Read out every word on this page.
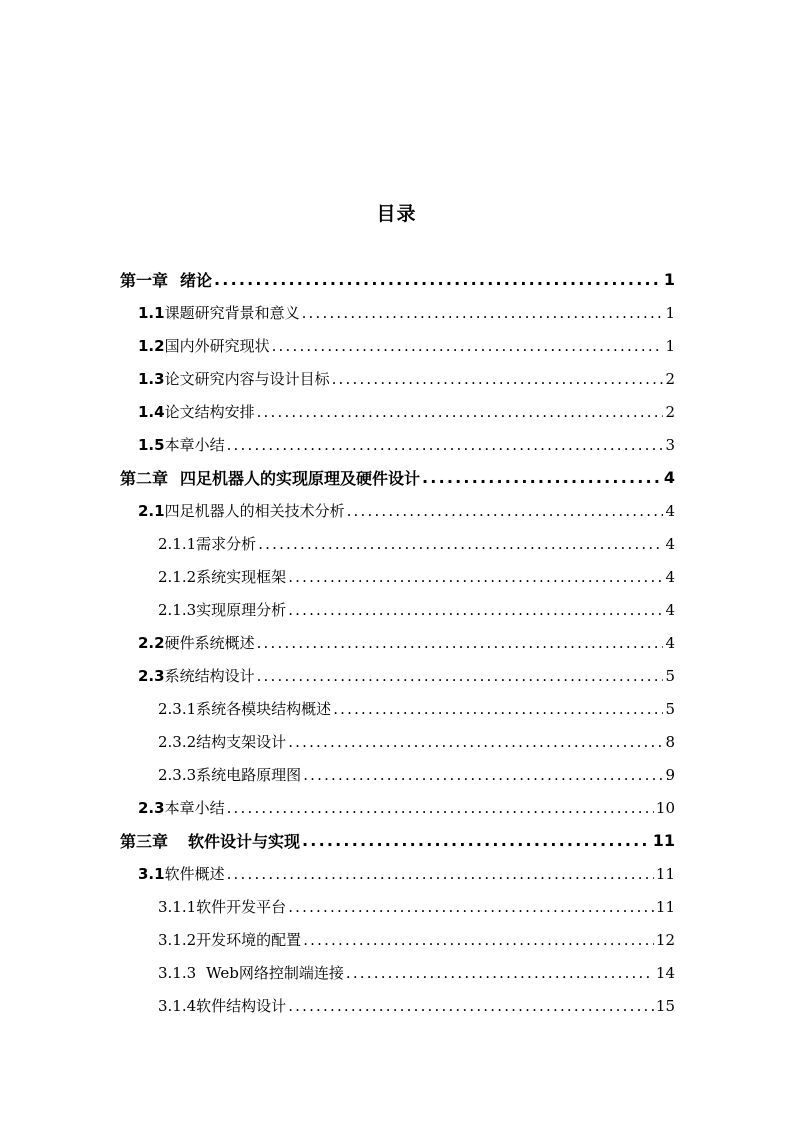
目录
第一章 绪论 .....	1
1.1 课题研究背景和意义 .....	1
1.2 国内外研究现状 .....	1
1.3 论文研究内容与设计目标 .....	2
1.4 论文结构安排 .....	2
1.5 本章小结 .....	3
第二章 四足机器人的实现原理及硬件设计 .....	4
2.1 四足机器人的相关技术分析 .....	4
2.1.1 需求分析 .....	4
2.1.2 系统实现框架 .....	4
2.1.3 实现原理分析 .....	4
2.2 硬件系统概述 .....	4
2.3 系统结构设计 .....	5
2.3.1 系统各模块结构概述 .....	5
2.3.2 结构支架设计 .....	8
2.3.3 系统电路原理图 .....	9
2.3 本章小结 .....	10
第三章 软件设计与实现 .....	11
3.1 软件概述 .....	11
3.1.1 软件开发平台 .....	11
3.1.2 开发环境的配置 .....	12
3.1.3 Web网络控制端连接 .....	14
3.1.4 软件结构设计 .....	15
